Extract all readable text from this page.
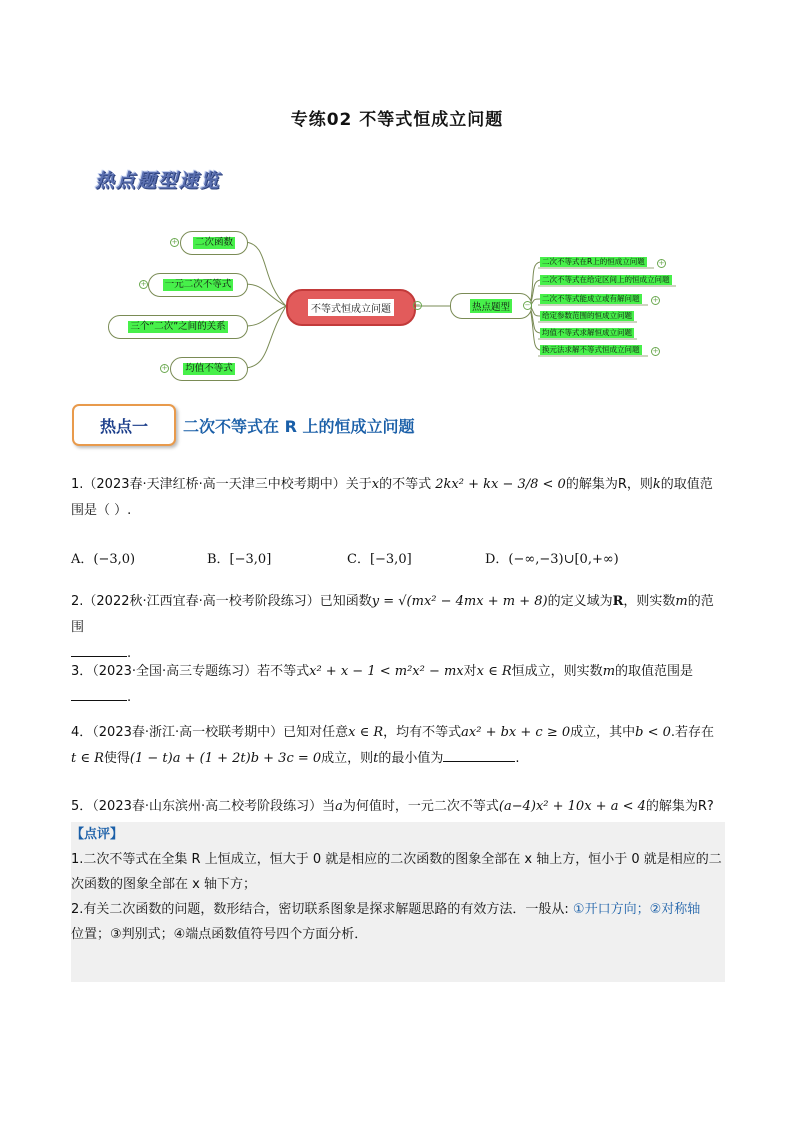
专练02 不等式恒成立问题
热点题型速览
二次函数
+
一元二次不等式
+
三个“二次”之间的关系
均值不等式
+
不等式恒成立问题	−	热点题型 −
二次不等式在R上的恒成立问题 +
二次不等式在给定区间上的恒成立问题
二次不等式能成立或有解问题 +
给定参数范围的恒成立问题
均值不等式求解恒成立问题
换元法求解不等式恒成立问题 +
热点一	二次不等式在 R 上的恒成立问题
1.（2023春·天津红桥·高一天津三中校考期中）关于x的不等式 2kx² + kx − 3/8 < 0的解集为R，则k的取值范
围是（ ）.
A．(−3,0)	B．[−3,0]	C．[−3,0]	D．(−∞,−3)∪[0,+∞)
2.（2022秋·江西宜春·高一校考阶段练习）已知函数y = √(mx² − 4mx + m + 8)的定义域为R，则实数m的范围
.
3．（2023·全国·高三专题练习）若不等式x² + x − 1 < m²x² − mx对x ∈ R恒成立，则实数m的取值范围是
.
4．（2023春·浙江·高一校联考期中）已知对任意x ∈ R，均有不等式ax² + bx + c ≥ 0成立，其中b < 0.若存在
t ∈ R使得(1 − t)a + (1 + 2t)b + 3c = 0成立，则t的最小值为	.
5．（2023春·山东滨州·高二校考阶段练习）当a为何值时，一元二次不等式(a−4)x² + 10x + a < 4的解集为R?
【点评】
1.二次不等式在全集 R 上恒成立，恒大于 0 就是相应的二次函数的图象全部在 x 轴上方，恒小于 0 就是相应的二次函数的图象全部在 x 轴下方；
2.有关二次函数的问题，数形结合，密切联系图象是探求解题思路的有效方法．一般从: ①开口方向；②对称轴
位置；③判别式；④端点函数值符号四个方面分析．
